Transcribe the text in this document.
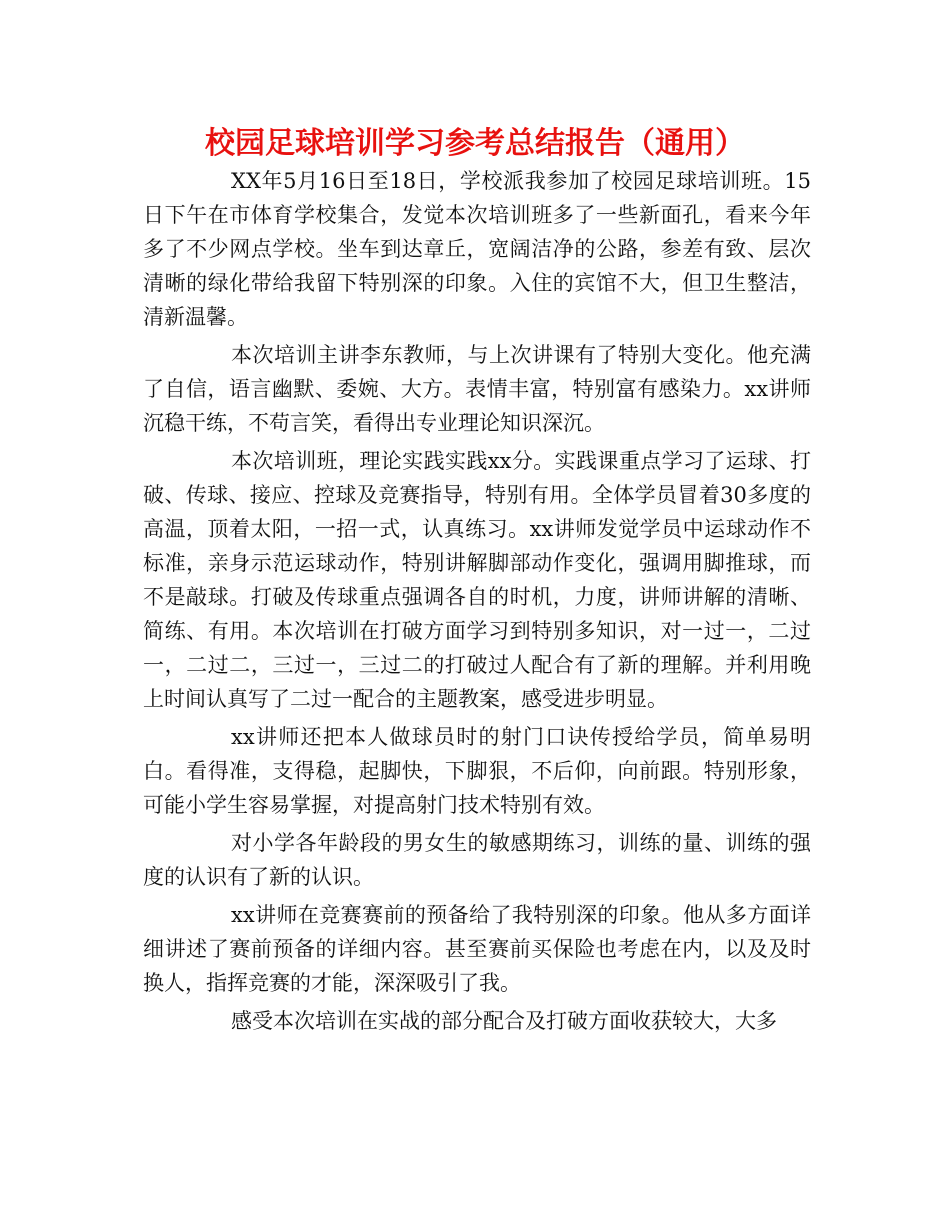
校园足球培训学习参考总结报告（通用）

XX年5月16日至18日，学校派我参加了校园足球培训班。15日下午在市体育学校集合，发觉本次培训班多了一些新面孔，看来今年多了不少网点学校。坐车到达章丘，宽阔洁净的公路，参差有致、层次清晰的绿化带给我留下特别深的印象。入住的宾馆不大，但卫生整洁，清新温馨。

本次培训主讲李东教师，与上次讲课有了特别大变化。他充满了自信，语言幽默、委婉、大方。表情丰富，特别富有感染力。xx讲师沉稳干练，不苟言笑，看得出专业理论知识深沉。

本次培训班，理论实践实践xx分。实践课重点学习了运球、打破、传球、接应、控球及竞赛指导，特别有用。全体学员冒着30多度的高温，顶着太阳，一招一式，认真练习。xx讲师发觉学员中运球动作不标准，亲身示范运球动作，特别讲解脚部动作变化，强调用脚推球，而不是敲球。打破及传球重点强调各自的时机，力度，讲师讲解的清晰、简练、有用。本次培训在打破方面学习到特别多知识，对一过一，二过一，二过二，三过一，三过二的打破过人配合有了新的理解。并利用晚上时间认真写了二过一配合的主题教案，感受进步明显。

xx讲师还把本人做球员时的射门口诀传授给学员，简单易明白。看得准，支得稳，起脚快，下脚狠，不后仰，向前跟。特别形象，可能小学生容易掌握，对提高射门技术特别有效。

对小学各年龄段的男女生的敏感期练习，训练的量、训练的强度的认识有了新的认识。

xx讲师在竞赛赛前的预备给了我特别深的印象。他从多方面详细讲述了赛前预备的详细内容。甚至赛前买保险也考虑在内，以及及时换人，指挥竞赛的才能，深深吸引了我。

感受本次培训在实战的部分配合及打破方面收获较大，大多
